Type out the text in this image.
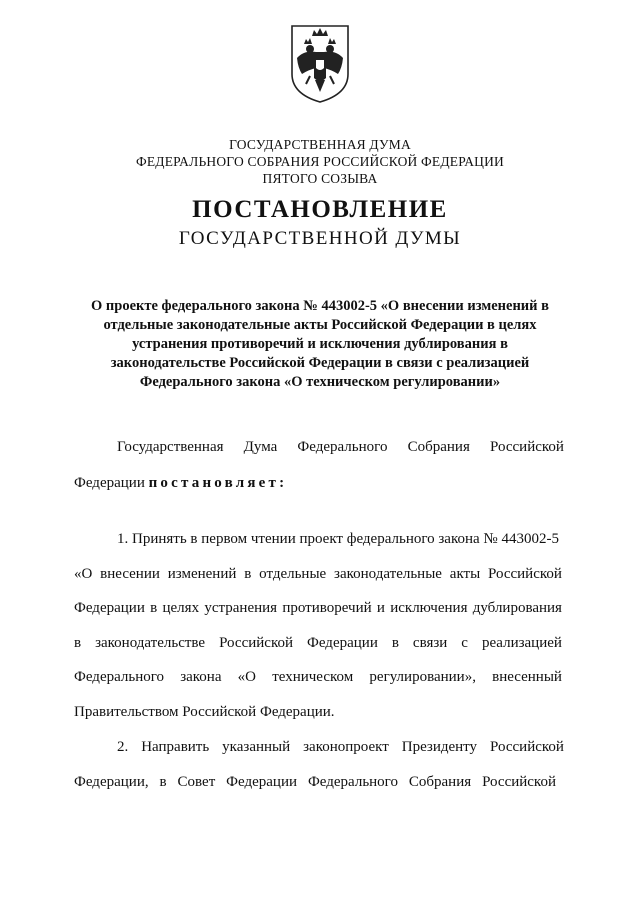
ГОСУДАРСТВЕННАЯ ДУМА
ФЕДЕРАЛЬНОГО СОБРАНИЯ РОССИЙСКОЙ ФЕДЕРАЦИИ
ПЯТОГО СОЗЫВА
ПОСТАНОВЛЕНИЕ
ГОСУДАРСТВЕННОЙ ДУМЫ
О проекте федерального закона № 443002-5 «О внесении изменений в
отдельные законодательные акты Российской Федерации в целях
устранения противоречий и исключения дублирования в
законодательстве Российской Федерации в связи с реализацией
Федерального закона «О техническом регулировании»
Государственная Дума Федерального Собрания Российской
Федерации постановляет:
1. Принять в первом чтении проект федерального закона № 443002-5
«О внесении изменений в отдельные законодательные акты Российской
Федерации в целях устранения противоречий и исключения дублирования
в законодательстве Российской Федерации в связи с реализацией
Федерального закона «О техническом регулировании», внесенный
Правительством Российской Федерации.
2. Направить указанный законопроект Президенту Российской
Федерации, в Совет Федерации Федерального Собрания Российской
